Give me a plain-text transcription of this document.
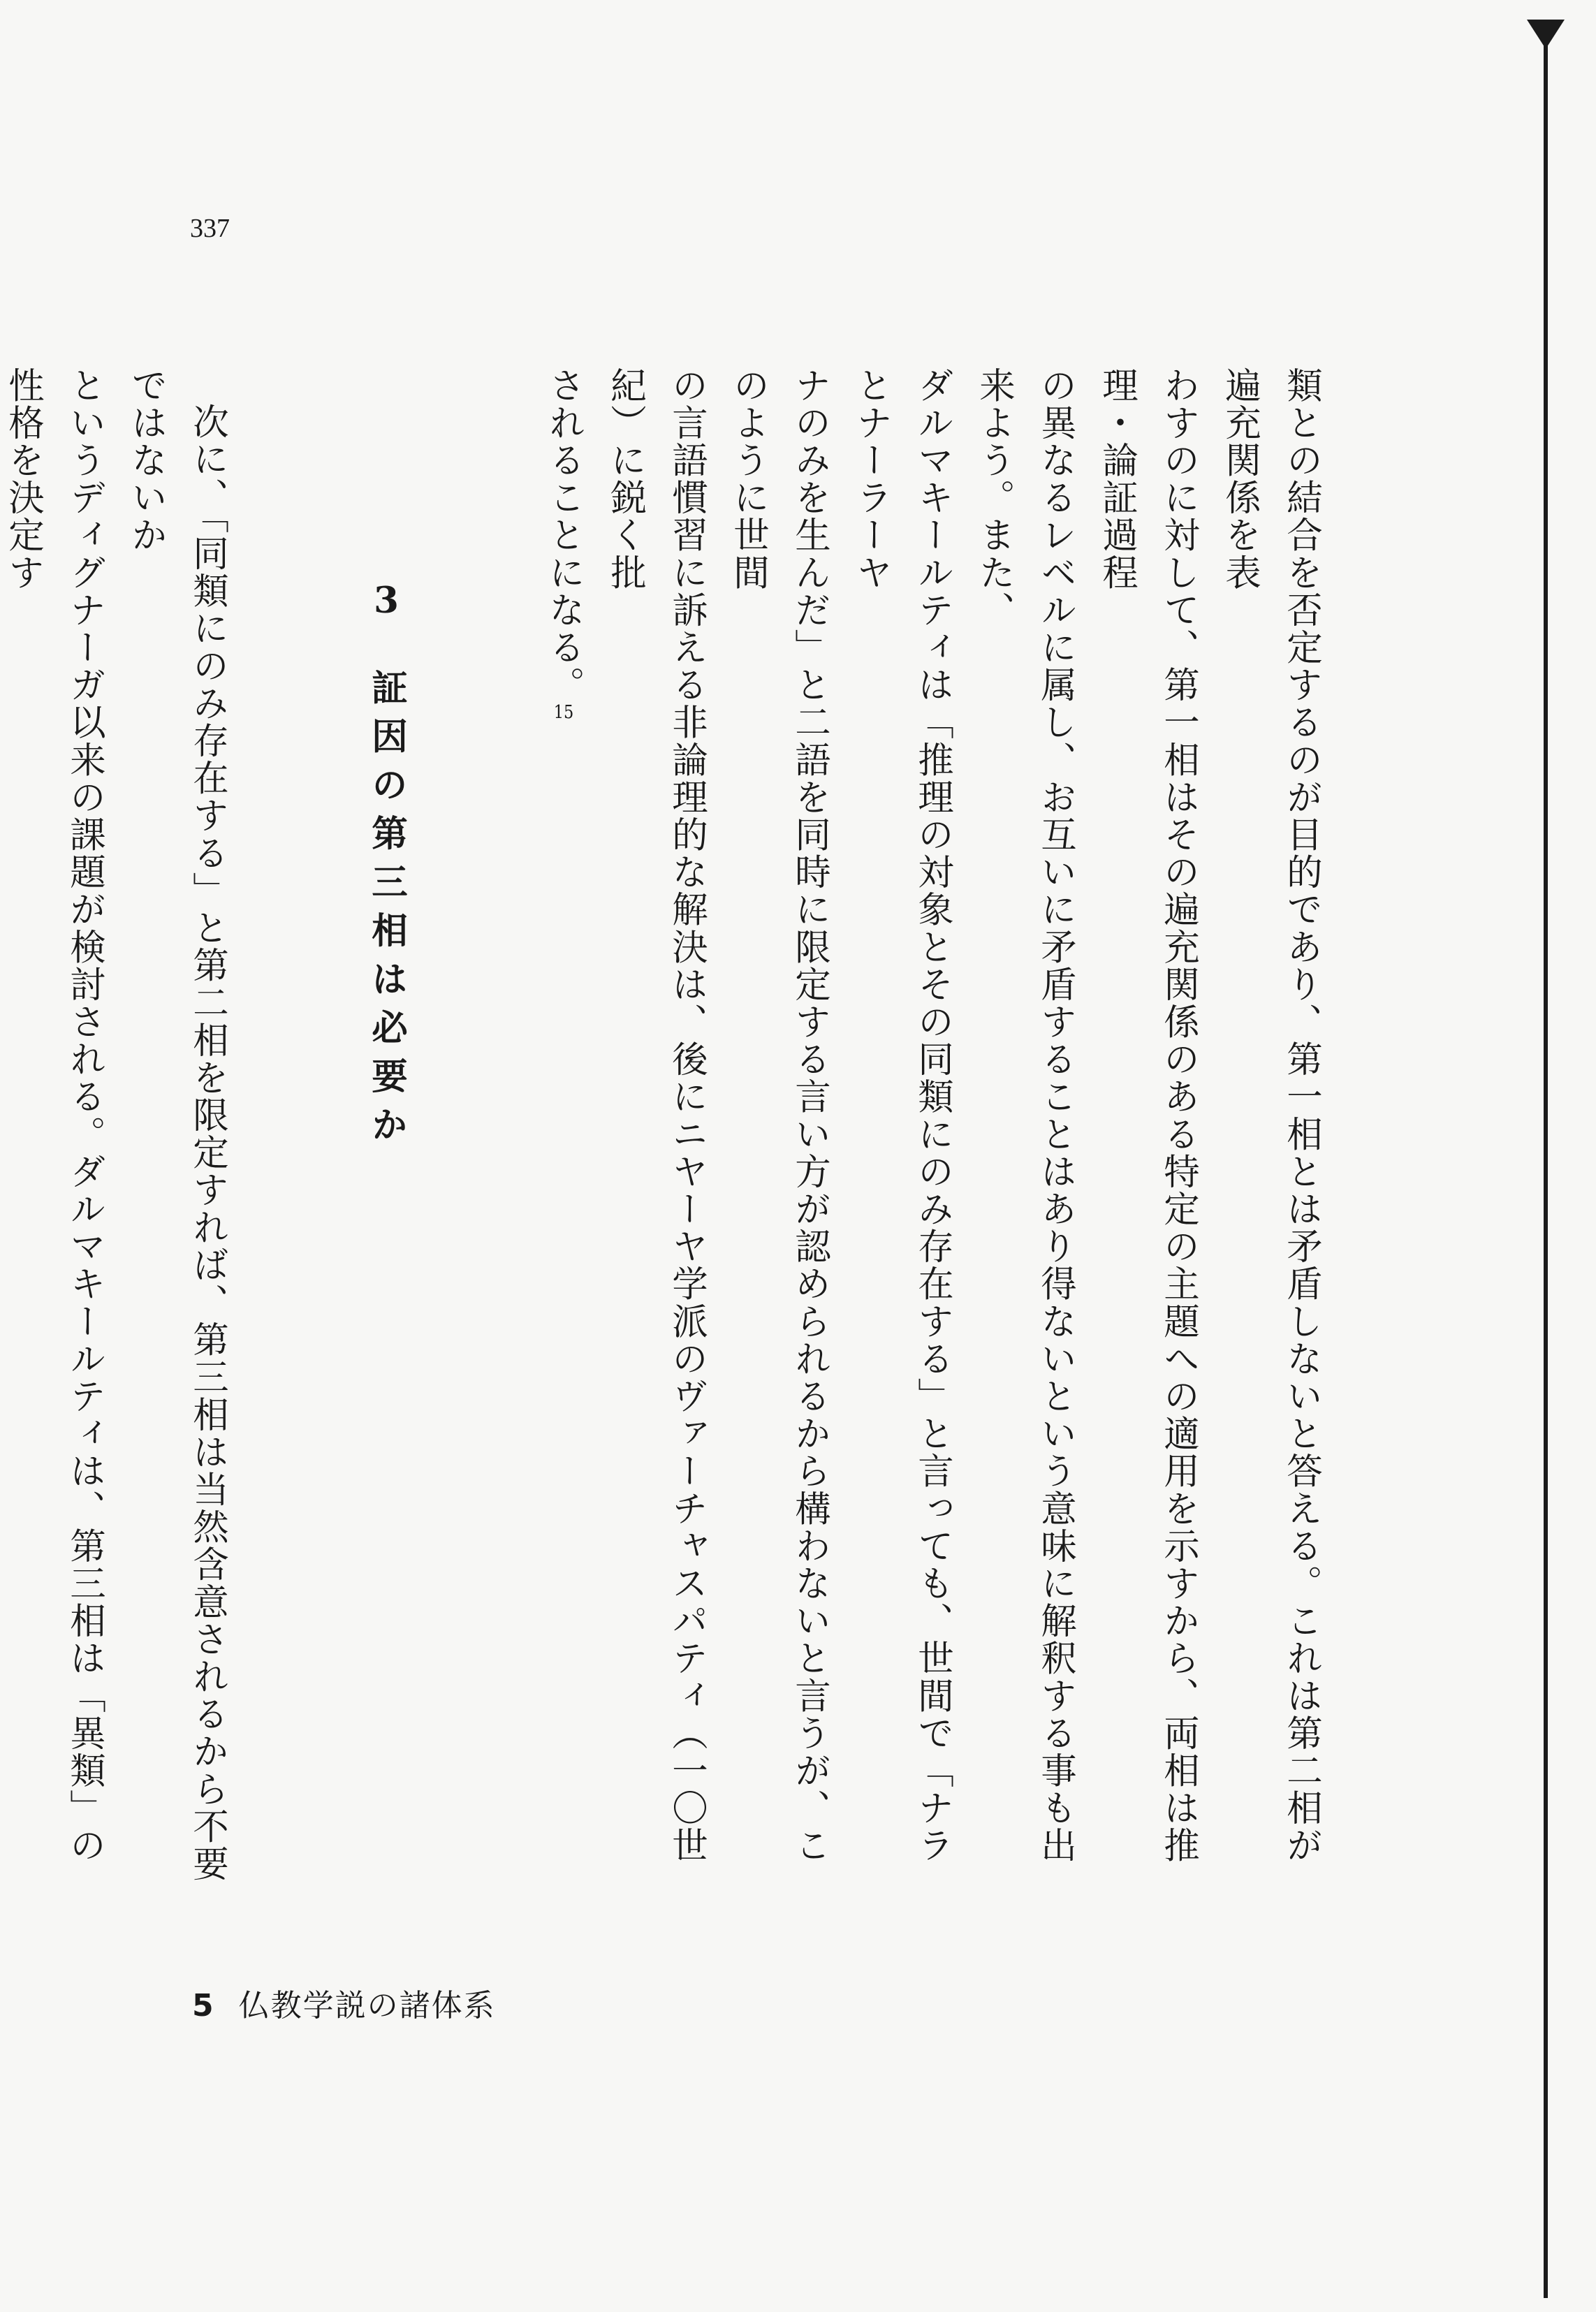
337

類との結合を否定するのが目的であり、第一相とは矛盾しないと答える。これは第二相が遍充関係を表
わすのに対して、第一相はその遍充関係のある特定の主題への適用を示すから、両相は推理・論証過程
の異なるレベルに属し、お互いに矛盾することはあり得ないという意味に解釈する事も出来よう。また、
ダルマキールティは「推理の対象とその同類にのみ存在する」と言っても、世間で「ナラとナーラーヤ
ナのみを生んだ」と二語を同時に限定する言い方が認められるから構わないと言うが、このように世間
の言語慣習に訴える非論理的な解決は、後にニヤーヤ学派のヴァーチャスパティ（一〇世紀）に鋭く批
されることになる。15

3証因の第三相は必要か

次に、「同類にのみ存在する」と第二相を限定すれば、第三相は当然含意されるから不要ではないか
というディグナーガ以来の課題が検討される。ダルマキールティは、第三相は「異類」の性格を決定す

5 仏教学説の諸体系
